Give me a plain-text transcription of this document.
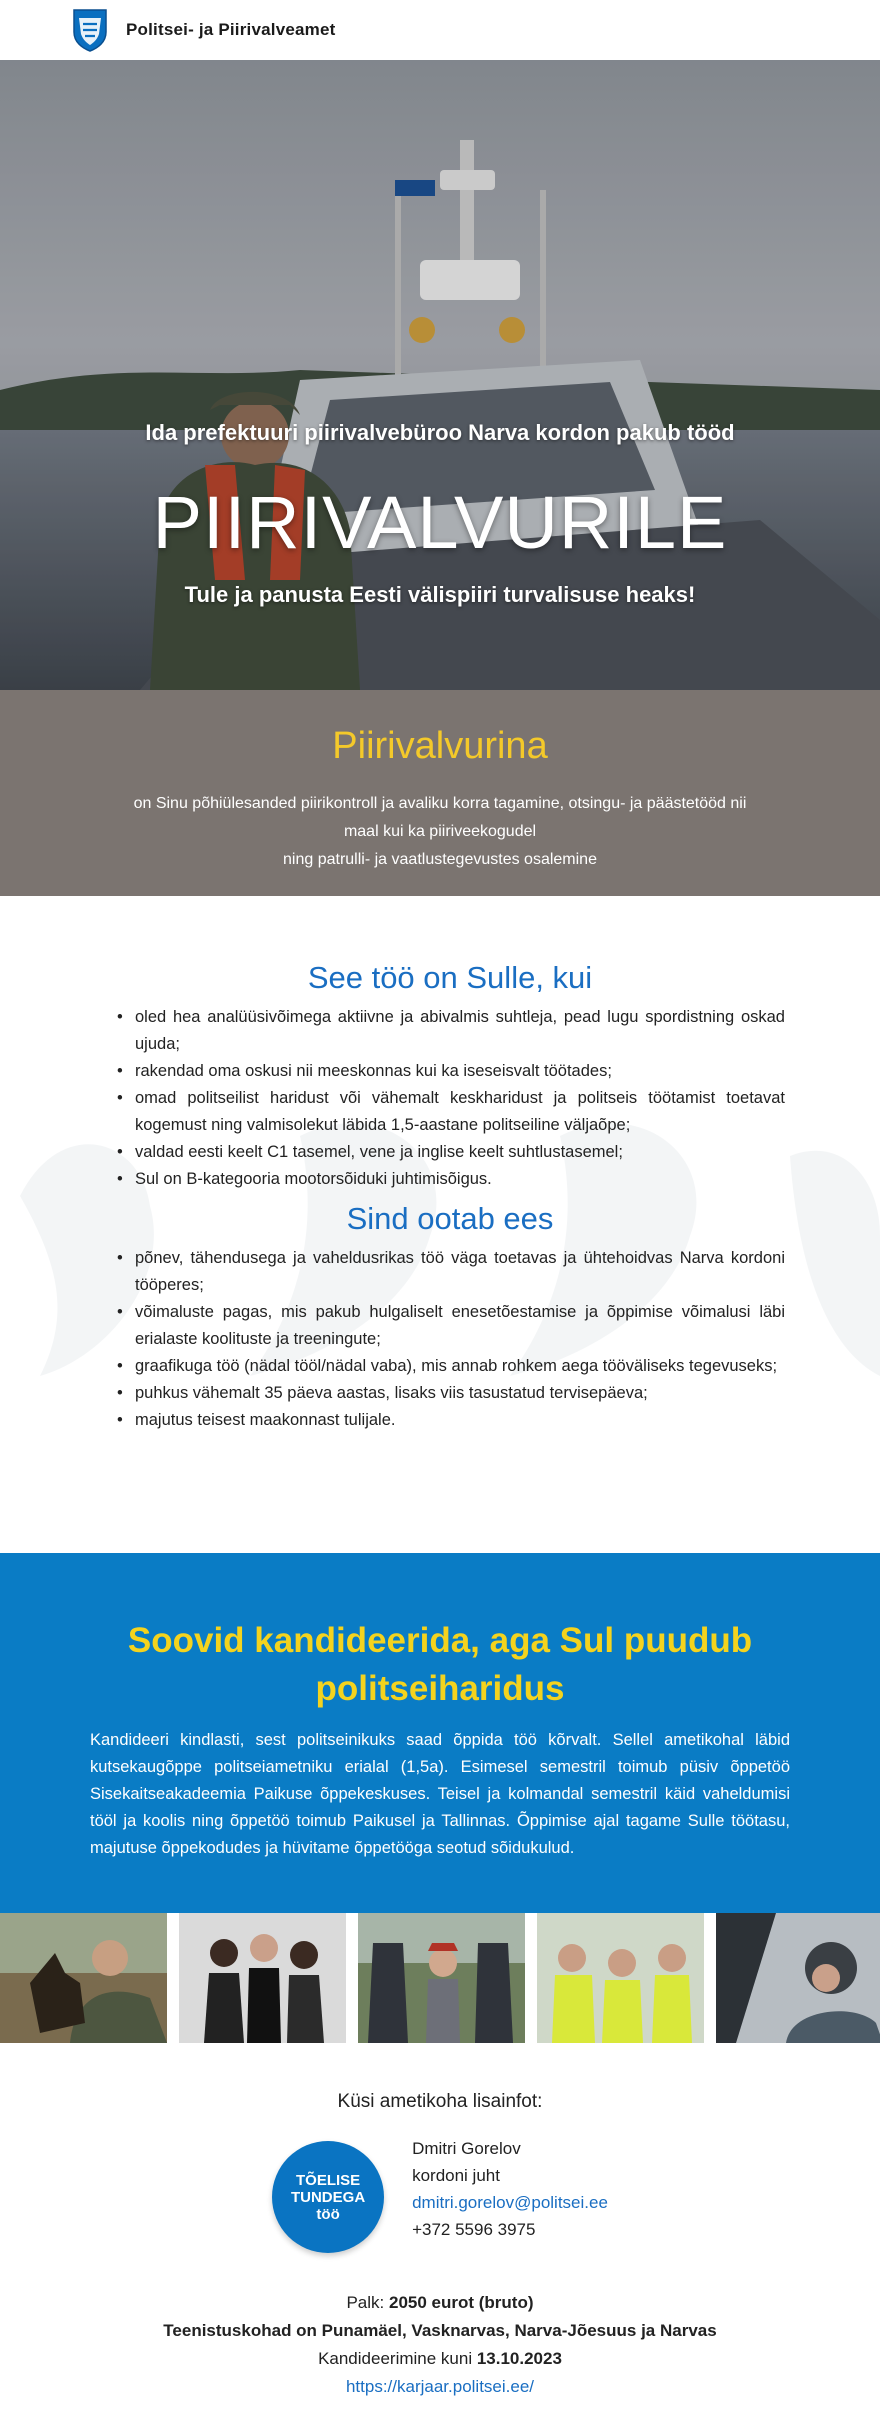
Politsei- ja Piirivalveamet
Ida prefektuuri piirivalvebüroo Narva kordon pakub tööd
PIIRIVALVURILE
Tule ja panusta Eesti välispiiri turvalisuse heaks!
Piirivalvurina

on Sinu põhiülesanded piirikontroll ja avaliku korra tagamine, otsingu- ja päästetööd nii

maal kui ka piiriveekogudel

ning patrulli- ja vaatlustegevustes osalemine

See töö on Sulle, kui
• oled hea analüüsivõimega aktiivne ja abivalmis suhtleja, pead lugu spordistning oskad ujuda;
• rakendad oma oskusi nii meeskonnas kui ka iseseisvalt töötades;
• omad politseilist haridust või vähemalt keskharidust ja politseis töötamist toetavat kogemust ning valmisolekut läbida 1,5-aastane politseiline väljaõpe;
• valdad eesti keelt C1 tasemel, vene ja inglise keelt suhtlustasemel;
• Sul on B-kategooria mootorsõiduki juhtimisõigus.
Sind ootab ees
• põnev, tähendusega ja vaheldusrikas töö väga toetavas ja ühtehoidvas Narva kordoni tööperes;
• võimaluste pagas, mis pakub hulgaliselt enesetõestamise ja õppimise võimalusi läbi erialaste koolituste ja treeningute;
• graafikuga töö (nädal tööl/nädal vaba), mis annab rohkem aega tööväliseks tegevuseks;
• puhkus vähemalt 35 päeva aastas, lisaks viis tasustatud tervisepäeva;
• majutus teisest maakonnast tulijale.
Soovid kandideerida, aga Sul puudub
politseiharidus

Kandideeri kindlasti, sest politseinikuks saad õppida töö kõrvalt. Sellel ametikohal läbid kutsekaugõppe politseiametniku erialal (1,5a). Esimesel semestril toimub püsiv õppetöö Sisekaitseakadeemia Paikuse õppekeskuses. Teisel ja kolmandal semestril käid vaheldumisi tööl ja koolis ning õppetöö toimub Paikusel ja Tallinnas. Õppimise ajal tagame Sulle töötasu, majutuse õppekodudes ja hüvitame õppetööga seotud sõidukulud.

Küsi ametikoha lisainfot:
TÕELISE
TUNDEGA
töö
Dmitri Gorelov
kordoni juht
dmitri.gorelov@politsei.ee
+372 5596 3975
Palk: 2050 eurot (bruto)
Teenistuskohad on Punamäel, Vasknarvas, Narva-Jõesuus ja Narvas
Kandideerimine kuni 13.10.2023
https://karjaar.politsei.ee/
